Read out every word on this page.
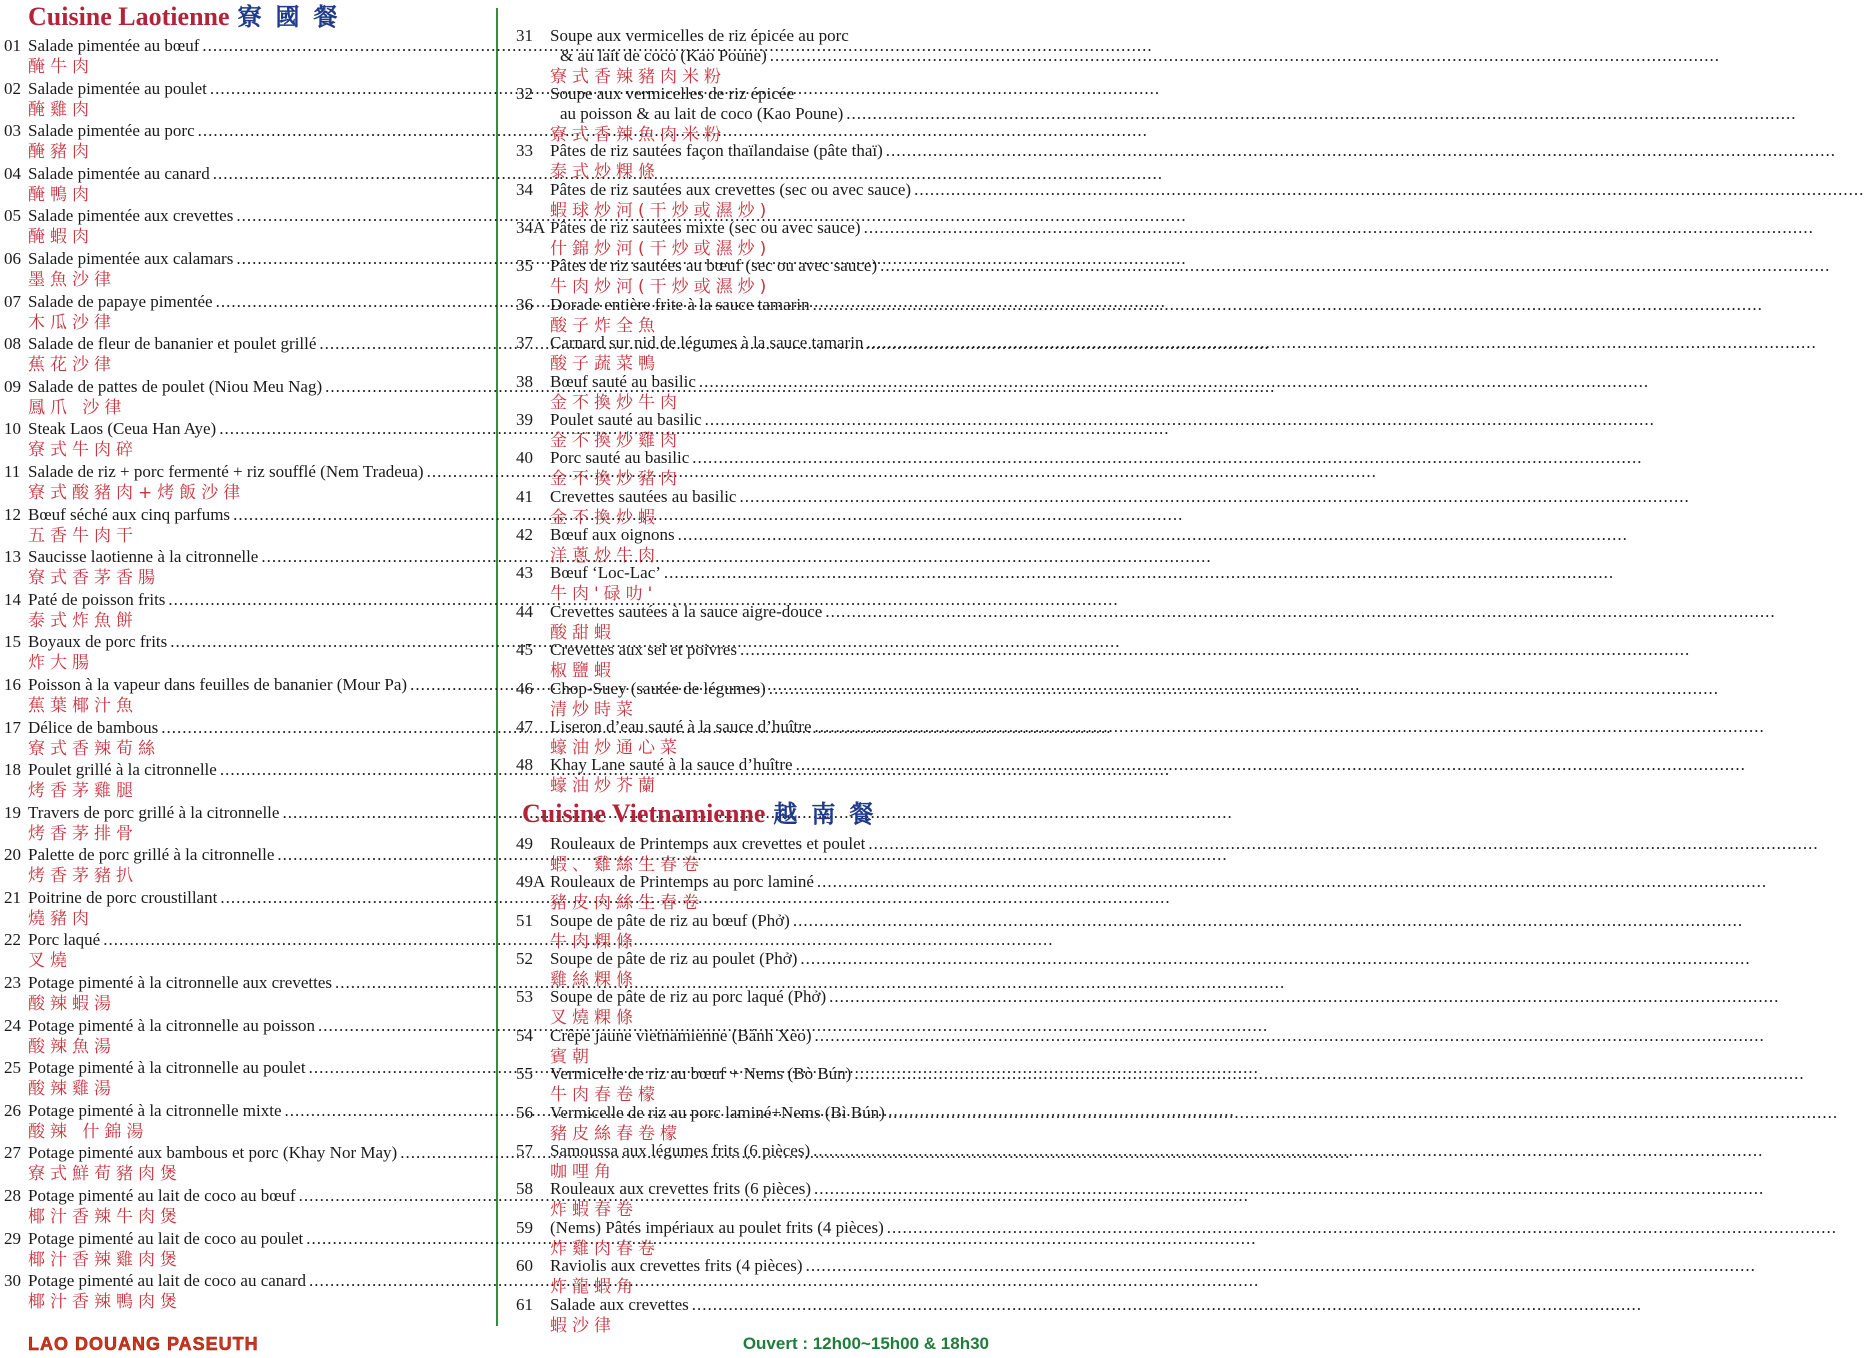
Cuisine Laotienne 寮國餐
01 Salade pimentée au bœuf
.....
醃牛肉
02 Salade pimentée au poulet
.....
醃雞肉
03 Salade pimentée au porc
.....
醃豬肉
04 Salade pimentée au canard
.....
醃鴨肉
05 Salade pimentée aux crevettes
.....
醃蝦肉
06 Salade pimentée aux calamars
.....
墨魚沙律
07 Salade de papaye pimentée
.....
木瓜沙律
08 Salade de fleur de bananier et poulet grillé
.....
蕉花沙律
09 Salade de pattes de poulet (Niou Meu Nag)
.....
鳳爪 沙律
10 Steak Laos (Ceua Han Aye)
.....
寮式牛肉碎
11 Salade de riz + porc fermenté + riz soufflé (Nem Tradeua)
.....
寮式酸豬肉+烤飯沙律
12 Bœuf séché aux cinq parfums
.....
五香牛肉干
13 Saucisse laotienne à la citronnelle
.....
寮式香茅香腸
14 Paté de poisson frits
.....
泰式炸魚餅
15 Boyaux de porc frits
.....
炸大腸
16 Poisson à la vapeur dans feuilles de bananier (Mour Pa)
.....
蕉葉椰汁魚
17 Délice de bambous
.....
寮式香辣荀絲
18 Poulet grillé à la citronnelle
.....
烤香茅雞腿
19 Travers de porc grillé à la citronnelle
.....
烤香茅排骨
20 Palette de porc grillé à la citronnelle
.....
烤香茅豬扒
21 Poitrine de porc croustillant
.....
燒豬肉
22 Porc laqué
.....
叉燒
23 Potage pimenté à la citronnelle aux crevettes
.....
酸辣蝦湯
24 Potage pimenté à la citronnelle au poisson
.....
酸辣魚湯
25 Potage pimenté à la citronnelle au poulet
.....
酸辣雞湯
26 Potage pimenté à la citronnelle mixte
.....
酸辣 什錦湯
27 Potage pimenté aux bambous et porc (Khay Nor May)
.....
寮式鮮荀豬肉煲
28 Potage pimenté au lait de coco au bœuf
.....
椰汁香辣牛肉煲
29 Potage pimenté au lait de coco au poulet
.....
椰汁香辣雞肉煲
30 Potage pimenté au lait de coco au canard
.....
椰汁香辣鴨肉煲
31	Soupe aux vermicelles de riz épicée au porc
& au lait de coco (Kao Poune)
.....
寮式香辣豬肉米粉
32	Soupe aux vermicelles de riz épicée
au poisson & au lait de coco (Kao Poune)
.....
寮式香辣魚肉米粉
33	Pâtes de riz sautées façon thaïlandaise (pâte thaï)
.....
泰式炒粿條
34	Pâtes de riz sautées aux crevettes (sec ou avec sauce)
.....
蝦球炒河(干炒或濕炒)
34A Pâtes de riz sautées mixte (sec ou avec sauce)
.....
什錦炒河(干炒或濕炒)
35	Pâtes de riz sautées au bœuf (sec ou avec sauce)
.....
牛肉炒河(干炒或濕炒)
36	Dorade entière frite à la sauce tamarin
.....
酸子炸全魚
37	Carnard sur nid de légumes à la sauce tamarin
.....
酸子蔬菜鴨
38	Bœuf sauté au basilic
.....
金不換炒牛肉
39	Poulet sauté au basilic
.....
金不換炒雞肉
40	Porc sauté au basilic
.....
金不換炒豬肉
41	Crevettes sautées au basilic
.....
金不換炒蝦
42	Bœuf aux oignons
.....
洋蔥炒牛肉
43	Bœuf ‘Loc-Lac’
.....
牛肉'碌叻'
44	Crevettes sautées à la sauce aigre-douce
.....
酸甜蝦
45	Crevettes aux sel et poivres
.....
椒鹽蝦
46	Chop-Suey (sautée de légumes)
.....
清炒時菜
47	Liseron d’eau sauté à la sauce d’huître
.....
蠔油炒通心菜
48	Khay Lane sauté à la sauce d’huître
.....
蠔油炒芥蘭
Cuisine Vietnamienne 越南餐
49	Rouleaux de Printemps aux crevettes et poulet
.....
蝦、雞絲生春卷
49A Rouleaux de Printemps au porc laminé
.....
豬皮肉絲生春卷
51	Soupe de pâte de riz au bœuf (Phở)
.....
牛肉粿條
52	Soupe de pâte de riz au poulet (Phở)
.....
雞絲粿條
53	Soupe de pâte de riz au porc laqué (Phở)
.....
叉燒粿條
54	Crêpe jaune vietnamienne (Bánh Xèo)
.....
賓朝
55	Vermicelle de riz au bœuf + Nems (Bò Bún)
.....
牛肉春卷檬
56	Vermicelle de riz au porc laminé+Nems (Bì Bún)
.....
豬皮絲春卷檬
57	Samoussa aux légumes frits (6 pièces)
.....
咖哩角
58	Rouleaux aux crevettes frits (6 pièces)
.....
炸蝦春卷
59	(Nems) Pâtés impériaux au poulet frits (4 pièces)
.....
炸雞肉春卷
60	Raviolis aux crevettes frits (4 pièces)
.....
炸龍蝦角
61	Salade aux crevettes
.....
蝦沙律
LAO DOUANG PASEUTH	Ouvert : 12h00~15h00 & 18h30
